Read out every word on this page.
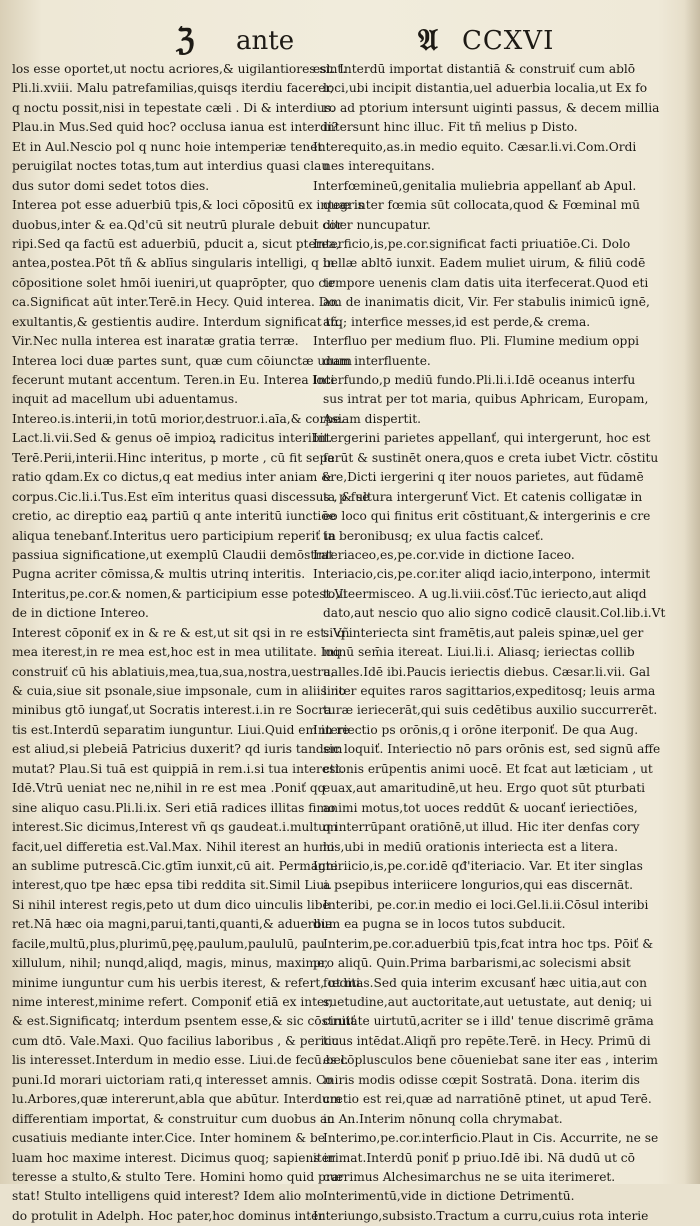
ℨ ante	𝔄 CCXVI
los esse oportet,ut noctu acriores,& uigilantiores sint.
Pli.li.xviii. Malu patrefamilias,quisqs iterdiu facerer,
q noctu possit,nisi in tepestate cæli . Di & interdius.
Plau.in Mus.Sed quid hoc? occlusa ianua est interdi?
Et in Aul.Nescio pol q nunc hoie intemperiæ tenet
peruigilat noctes totas,tum aut interdius quasi clau
dus sutor domi sedet totos dies.
Interea pot esse aduerbiū tpis,& loci cōpositū ex integris
duobus,inter & ea.Qd'cū sit neutrū plurale debuit cor
ripi.Sed qa factū est aduerbiū, pducit a, sicut pterea,
antea,postea.Pōt tñ & ablīus singularis intelligi, q in
cōpositione solet hmōi iueniri,ut quaprōpter, quo cir
ca.Significat aūt inter.Terē.in Hecy. Quid interea. Do.
exultantis,& gestientis audire. Interdum significat tñ.
Vir.Nec nulla interea est inaratæ gratia terræ.
Interea loci duæ partes sunt, quæ cum cōiunctæ unam
fecerunt mutant accentum. Teren.in Eu. Interea loci
inquit ad macellum ubi aduentamus.
Intereo.is.interii,in totū morior,destruor.i.aīa,& corpe.
Lact.li.vii.Sed & genus oē impioꝝ radicitus interibit.
Terē.Perii,interii.Hinc interitus, p morte , cū fit sepa
ratio qdam.Ex co dictus,q eat medius inter aniam &
corpus.Cic.li.i.Tus.Est eīm interitus quasi discessus , & se
cretio, ac direptio eaꝝ partiū q ante interitū iunctiōe
aliqua tenebanť.Interitus uero participium reperiť in
passiua significatione,ut exemplū Claudii demōstrat
Pugna acriter cōmissa,& multis utrinq interitis.
Interitus,pe.cor.& nomen,& participium esse potest.Vi
de in dictione Intereo.
Interest cōponiť ex in & re & est,ut sit qsi in re est. Vñ
mea iterest,in re mea est,hoc est in mea utilitate. Ioq
construiť cū his ablatiuis,mea,tua,sua,nostra,uestra,
& cuia,siue sit psonale,siue impsonale, cum in aliis no
minibus gtō iungať,ut Socratis interest.i.in re Socra
tis est.Interdū separatim iunguntur. Liui.Quid em in re
est aliud,si plebeiā Patricius duxerit? qd iuris tandem
mutat? Plau.Si tuā est quippiā in rem.i.si tua interest.
Idē.Vtrū ueniat nec ne,nihil in re est mea .Poniť qq
sine aliquo casu.Pli.li.ix. Seri etiā radices illitas fimo
interest.Sic dicimus,Interest vñ qs gaudeat.i.multum
facit,uel differetia est.Val.Max. Nihil iterest an humi
an sublime putrescā.Cic.gtīm iunxit,cū ait. Permagni
interest,quo tpe hæc epsa tibi reddita sit.Simil Liui.
Si nihil interest regis,peto ut dum dico uinculis libe
ret.Nā hæc oia magni,parui,tanti,quanti,& aduerbia
facile,multū,plus,plurimū,pęę,paulum,paululū, pau
xillulum, nihil; nunqd,aliqd, magis, minus, maxime,
minime iunguntur cum his uerbis iterest, & refert, ut mi
nime interest,minime refert. Componiť etiā ex inter,
& est.Significatq; interdum psentem esse,& sic cōstruiť
cum dtō. Vale.Maxi. Quo facilius laboribus , & pericu
lis interesset.Interdum in medio esse. Liui.de fecū.bel.
puni.Id morari uictoriam rati,q interesset amnis. Co
lu.Arbores,quæ intererunt,abla que abūtur. Interdum
differentiam importat, & construitur cum duobus ac
cusatiuis mediante inter.Cice. Inter hominem & be
luam hoc maxime interest. Dicimus quoq; sapiens in
teresse a stulto,& stulto Tere. Homini homo quid præ
stat! Stulto intelligens quid interest? Idem alio mo
do protulit in Adelph. Hoc pater,hoc dominus inter
est. Interdū importat distantiā & construiť cum ablō
loci,ubi incipit distantia,uel aduerbia localia,ut Ex fo
ro ad ptorium intersunt uiginti passus, & decem millia
intersunt hinc illuc. Fit tñ melius p Disto.
Interequito,as.in medio equito. Cæsar.li.vi.Com.Ordi
nes interequitans.
Interfœmineū,genitalia muliebria appellanť ab Apul.
quæ inter fœmia sūt collocata,quod & Fœminal mū
diter nuncupatur.
Interficio,is,pe.cor.significat facti priuatiōe.Ci. Dolo
bellæ abltō iunxit. Eadem muliet uirum, & filiū codē
tempore uenenis clam datis uita iterfecerat.Quod eti
am de inanimatis dicit, Vir. Fer stabulis inimicū ignē,
atq; interfice messes,id est perde,& crema.
Interfluo per medium fluo. Pli. Flumine medium oppi
dum interfluente.
Interfundo,p mediū fundo.Pli.li.i.Idē oceanus interfu
sus intrat per tot maria, quibus Aphricam, Europam,
Asiam dispertit.
Intergerini parietes appellanť, qui intergerunt, hoc est
ferūt & sustinēt onera,quos e creta iubet Victr. cōstitu
ere,Dicti iergerini q iter nouos parietes, aut fūdamē
ta p fultura intergerunť Vict. Et catenis colligatæ in
eo loco qui finitus erit cōstituant,& intergerinis e cre
ta beronibusq; ex ulua factis calceť.
Interiaceo,es,pe.cor.vide in dictione Iaceo.
Interiacio,cis,pe.cor.iter aliqd iacio,interpono, intermit
to,iteermisceo. A ug.li.viii.cōsť.Tūc ieriecto,aut aliqd
dato,aut nescio quo alio signo codicē clausit.Col.lib.i.Vt
si q interiecta sint framētis,aut paleis spinæ,uel ger
minū sem̄ia itereat. Liui.li.i. Aliasq; ieriectas collib
ualles.Idē ibi.Paucis ieriectis diebus. Cæsar.li.vii. Gal
li iter equites raros sagittarios,expeditosq; leuis arma
turæ ieriecerāt,qui suis cedētibus auxilio succurrerēt.
Interiectio ps orōnis,q i orōne iterponiť. De qua Aug.
sic loquiť. Interiectio nō pars orōnis est, sed signū affe
ctionis erūpentis animi uocē. Et fcat aut læticiam , ut
euax,aut amaritudinē,ut heu. Ergo quot sūt pturbati
animi motus,tot uoces reddūt & uocanť ieriectiōes,
q interrūpant oratiōnē,ut illud. Hic iter denfas cory
los,ubi in mediū orationis interiecta est a litera.
Interiicio,is,pe.cor.idē qđ'iteriacio. Var. Et iter singlas
a psepibus interiicere longurios,qui eas discernāt.
Interibi, pe.cor.in medio ei loci.Gel.li.ii.Cōsul interibi
dum ea pugna se in locos tutos subducit.
Interim,pe.cor.aduerbiū tpis,fcat intra hoc tps. Pōiť &
pro aliqū. Quin.Prima barbarismi,ac solecismi absit
fœditas.Sed quia interim excusanť hæc uitia,aut con
suetudine,aut auctoritate,aut uetustate, aut deniq; ui
cinitate uirtutū,acriter se i illd' tenue discrimē grāma
ticus intēdat.Aliqñ pro repēte.Terē. in Hecy. Primū di
es cōplusculos bene cōueniebat sane iter eas , interim
miris modis odisse cœpit Sostratā. Dona. iterim dis
cretio est rei,quæ ad narratiōnē ptinet, ut apud Terē.
in An.Interim nōnunq colla chrymabat.
Interimo,pe.cor.interficio.Plaut in Cis. Accurrite, ne se
iterimat.Interdū poniť p priuo.Idē ibi. Nā dudū ut cō
currimus Alchesimarchus ne se uita iterimeret.
Interimentū,vide in dictione Detrimentū.
Interiungo,subsisto.Tractum a curru,cuius rota interie
